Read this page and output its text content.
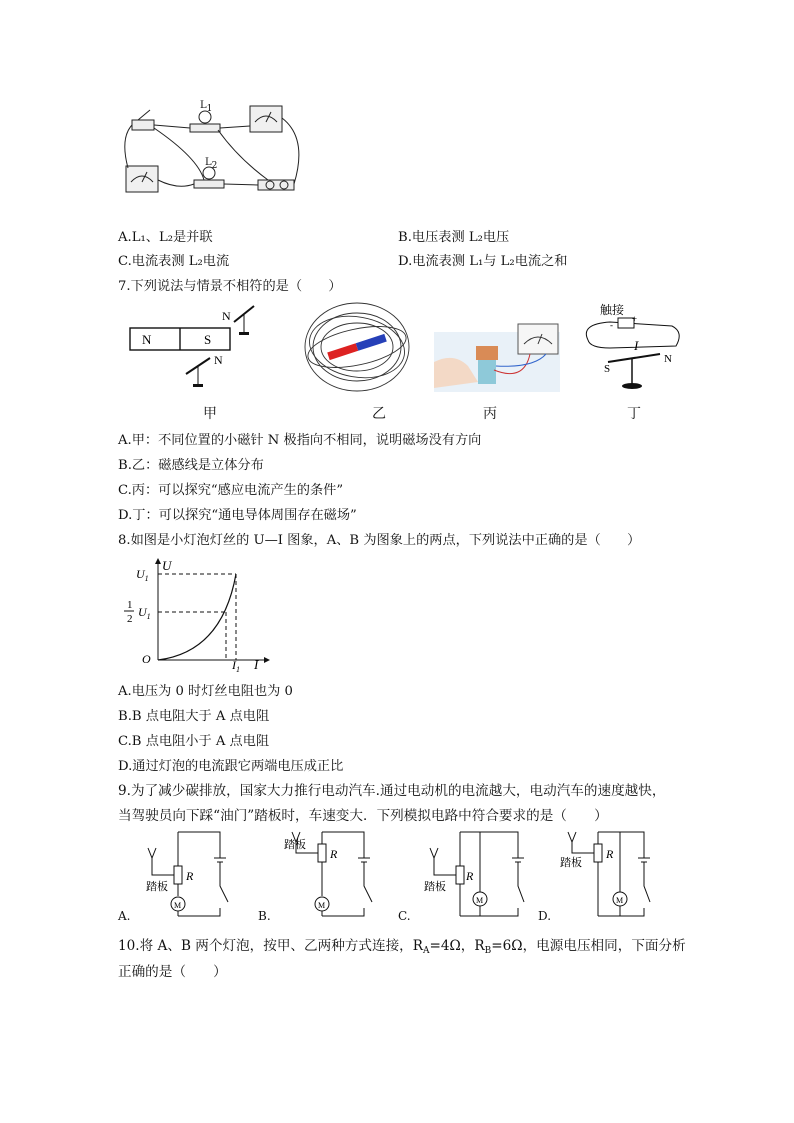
L1
L2
A.L₁、L₂是并联	B.电压表测 L₂电压
C.电流表测 L₂电流	D.电流表测 L₁与 L₂电流之和
7.下列说法与情景不相符的是（　　）
N	S
N
N
触接
+
-
I
S
N
甲	乙	丙	丁
A.甲：不同位置的小磁针 N 极指向不相同，说明磁场没有方向
B.乙：磁感线是立体分布
C.丙：可以探究“感应电流产生的条件”
D.丁：可以探究“通电导体周围存在磁场”
8.如图是小灯泡灯丝的 U—I 图象，A、B 为图象上的两点，下列说法中正确的是（　　）
$U_1$
U
1
2 $U_1$
O	$I_1$ I
A.电压为 0 时灯丝电阻也为 0
B.B 点电阻大于 A 点电阻
C.B 点电阻小于 A 点电阻
D.通过灯泡的电流跟它两端电压成正比
9.为了减少碳排放，国家大力推行电动汽车.通过电动机的电流越大，电动汽车的速度越快，
当驾驶员向下踩“油门”踏板时，车速变大．下列模拟电路中符合要求的是（　　）
踏板
R
M
A.
踏板
R
M
B.
踏板
R
M
C.
踏板
R
M
D.
10.将 A、B 两个灯泡，按甲、乙两种方式连接，$R_A=4\Omega$，$R_B=6\Omega$，电源电压相同，下面分析
正确的是（　　）
